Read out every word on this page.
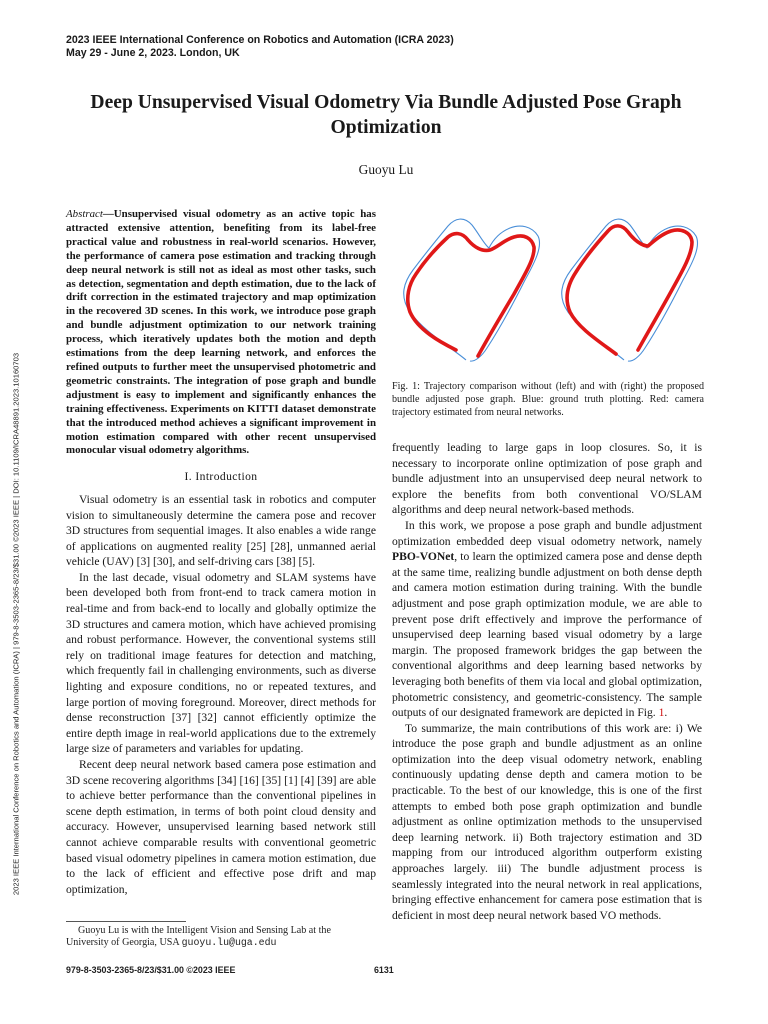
2023 IEEE International Conference on Robotics and Automation (ICRA 2023)
May 29 - June 2, 2023. London, UK
2023 IEEE International Conference on Robotics and Automation (ICRA) | 979-8-3503-2365-8/23/$31.00 ©2023 IEEE | DOI: 10.1109/ICRA48891.2023.10160703
Deep Unsupervised Visual Odometry Via Bundle Adjusted Pose Graph Optimization
Guoyu Lu

Abstract—Unsupervised visual odometry as an active topic has attracted extensive attention, benefiting from its label-free practical value and robustness in real-world scenarios. However, the performance of camera pose estimation and tracking through deep neural network is still not as ideal as most other tasks, such as detection, segmentation and depth estimation, due to the lack of drift correction in the estimated trajectory and map optimization in the recovered 3D scenes. In this work, we introduce pose graph and bundle adjustment optimization to our network training process, which iteratively updates both the motion and depth estimations from the deep learning network, and enforces the refined outputs to further meet the unsupervised photometric and geometric constraints. The integration of pose graph and bundle adjustment is easy to implement and significantly enhances the training effectiveness. Experiments on KITTI dataset demonstrate that the introduced method achieves a significant improvement in motion estimation compared with other recent unsupervised monocular visual odometry algorithms.

I. Introduction

Visual odometry is an essential task in robotics and computer vision to simultaneously determine the camera pose and recover 3D structures from sequential images. It also enables a wide range of applications on augmented reality [25] [28], unmanned aerial vehicle (UAV) [3] [30], and self-driving cars [38] [5].

In the last decade, visual odometry and SLAM systems have been developed both from front-end to track camera motion in real-time and from back-end to locally and globally optimize the 3D structures and camera motion, which have achieved promising and robust performance. However, the conventional systems still rely on traditional image features for detection and matching, which frequently fail in challenging environments, such as diverse lighting and exposure conditions, no or repeated textures, and large portion of moving foreground. Moreover, direct methods for dense reconstruction [37] [32] cannot efficiently optimize the entire depth image in real-world applications due to the extremely large size of parameters and variables for updating.

Recent deep neural network based camera pose estimation and 3D scene recovering algorithms [34] [16] [35] [1] [4] [39] are able to achieve better performance than the conventional pipelines in scene depth estimation, in terms of both point cloud density and accuracy. However, unsupervised learning based network still cannot achieve comparable results with conventional geometric based visual odometry pipelines in camera motion estimation, due to the lack of efficient and effective pose drift and map optimization,

Guoyu Lu is with the Intelligent Vision and Sensing Lab at the University of Georgia, USA guoyu.lu@uga.edu

Fig. 1: Trajectory comparison without (left) and with (right) the proposed bundle adjusted pose graph. Blue: ground truth plotting. Red: camera trajectory estimated from neural networks.

frequently leading to large gaps in loop closures. So, it is necessary to incorporate online optimization of pose graph and bundle adjustment into an unsupervised deep neural network to explore the benefits from both conventional VO/SLAM algorithms and deep neural network-based methods.

In this work, we propose a pose graph and bundle adjustment optimization embedded deep visual odometry network, namely PBO-VONet, to learn the optimized camera pose and dense depth at the same time, realizing bundle adjustment on both dense depth and camera motion estimation during training. With the bundle adjustment and pose graph optimization module, we are able to prevent pose drift effectively and improve the performance of unsupervised deep learning based visual odometry by a large margin. The proposed framework bridges the gap between the conventional algorithms and deep learning based networks by leveraging both benefits of them via local and global optimization, photometric consistency, and geometric-consistency. The sample outputs of our designated framework are depicted in Fig. 1.

To summarize, the main contributions of this work are: i) We introduce the pose graph and bundle adjustment as an online optimization into the deep visual odometry network, enabling continuously updating dense depth and camera motion to be practicable. To the best of our knowledge, this is one of the first attempts to embed both pose graph optimization and bundle adjustment as online optimization methods to the unsupervised deep learning network. ii) Both trajectory estimation and 3D mapping from our introduced algorithm outperform existing approaches largely. iii) The bundle adjustment process is seamlessly integrated into the neural network in real applications, bringing effective enhancement for camera pose estimation that is deficient in most deep neural network based VO methods.

979-8-3503-2365-8/23/$31.00 ©2023 IEEE	6131
